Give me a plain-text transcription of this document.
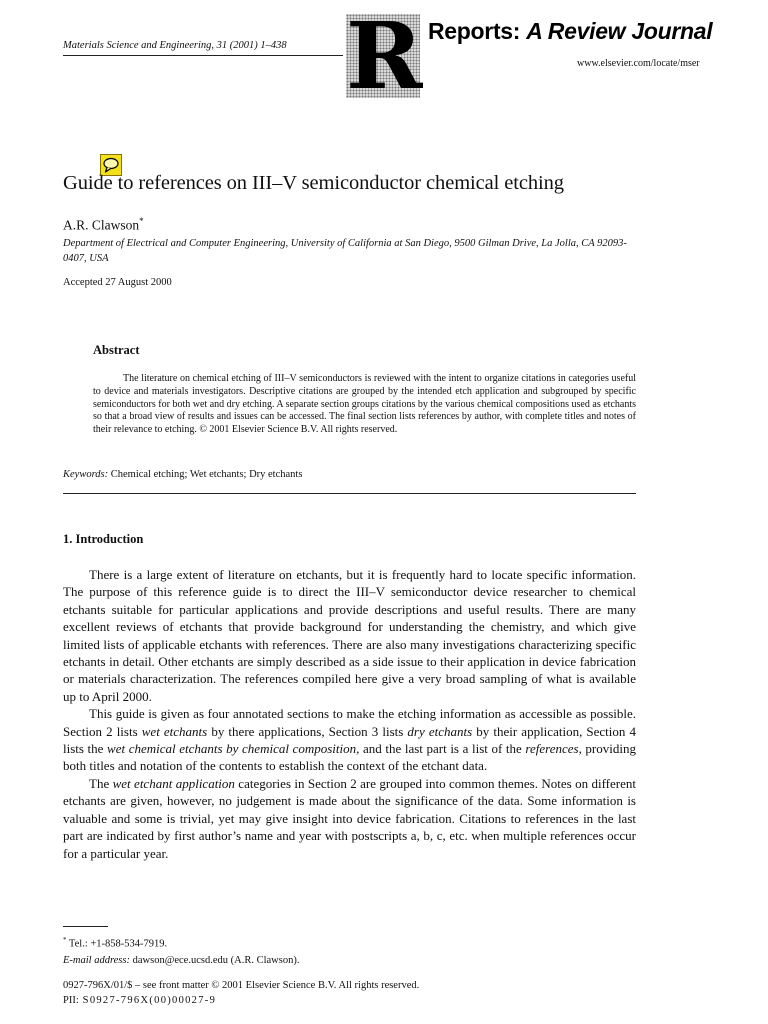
Materials Science and Engineering, 31 (2001) 1–438 R Reports: A Review Journal
www.elsevier.com/locate/mser
Guide to references on III–V semiconductor chemical etching
A.R. Clawson*
Department of Electrical and Computer Engineering, University of California at San Diego, 9500 Gilman Drive, La Jolla, CA 92093-0407, USA
Accepted 27 August 2000
Abstract
The literature on chemical etching of III–V semiconductors is reviewed with the intent to organize citations in categories useful to device and materials investigators. Descriptive citations are grouped by the intended etch application and subgrouped by specific semiconductors for both wet and dry etching. A separate section groups citations by the various chemical compositions used as etchants so that a broad view of results and issues can be accessed. The final section lists references by author, with complete titles and notes of their relevance to etching. © 2001 Elsevier Science B.V. All rights reserved.
Keywords: Chemical etching; Wet etchants; Dry etchants
1. Introduction

There is a large extent of literature on etchants, but it is frequently hard to locate specific information. The purpose of this reference guide is to direct the III–V semiconductor device researcher to chemical etchants suitable for particular applications and provide descriptions and useful results. There are many excellent reviews of etchants that provide background for understanding the chemistry, and which give limited lists of applicable etchants with references. There are also many investigations characterizing specific etchants in detail. Other etchants are simply described as a side issue to their application in device fabrication or materials characterization. The references compiled here give a very broad sampling of what is available up to April 2000.

This guide is given as four annotated sections to make the etching information as accessible as possible. Section 2 lists wet etchants by there applications, Section 3 lists dry etchants by their application, Section 4 lists the wet chemical etchants by chemical composition, and the last part is a list of the references, providing both titles and notation of the contents to establish the context of the etchant data.

The wet etchant application categories in Section 2 are grouped into common themes. Notes on different etchants are given, however, no judgement is made about the significance of the data. Some information is valuable and some is trivial, yet may give insight into device fabrication. Citations to references in the last part are indicated by first author’s name and year with postscripts a, b, c, etc. when multiple references occur for a particular year.

* Tel.: +1-858-534-7919.
E-mail address: dawson@ece.ucsd.edu (A.R. Clawson).
0927-796X/01/$ – see front matter © 2001 Elsevier Science B.V. All rights reserved.
PII: S0927-796X(00)00027-9
